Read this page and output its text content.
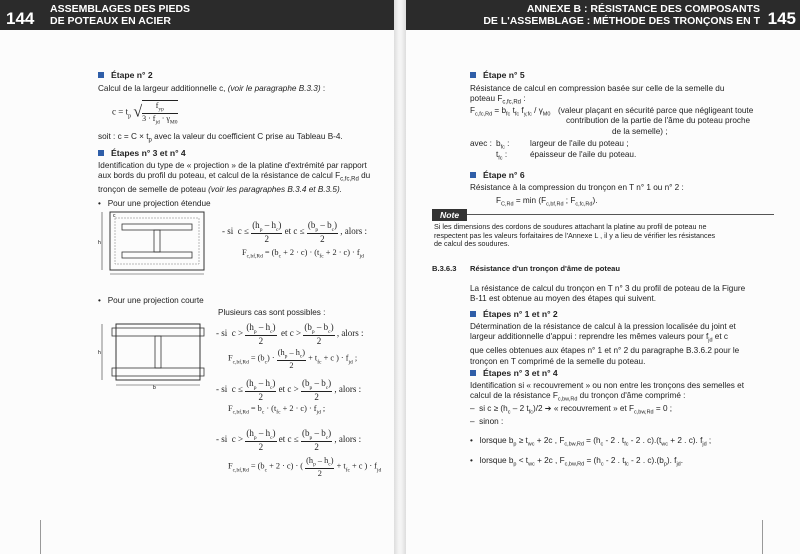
144 ASSEMBLAGES DES PIEDS
DE POTEAUX EN ACIER
Étape n° 2
Calcul de la largeur additionnelle c, (voir le paragraphe B.3.3) :
$c = t_p$ √ $\frac{f_{yp}}{3 \cdot f_{jd} \cdot \gamma_{M0}}$
soit : $c = C \times t_p$ avec la valeur du coefficient C prise au Tableau B-4.
Étapes n° 3 et n° 4
Identification du type de « projection » de la platine d'extrémité par rapport
aux bords du profil du poteau, et calcul de la résistance de calcul $F_{c,fc,Rd}$ du
tronçon de semelle de poteau (voir les paragraphes B.3.4 et B.3.5).
•   Pour une projection étendue
h
c
- si $c \le \frac{(h_p - h_c)}{2}$ et $c \le \frac{(b_p - b_c)}{2}$ , alors :
$F_{c,bf,Rd} = (b_c + 2 \cdot c) \cdot (t_{fc} + 2 \cdot c) \cdot f_{jd}$
•   Pour une projection courte
Plusieurs cas sont possibles :
h
b
- si $c > \frac{(h_p - h_c)}{2}$ et $c > \frac{(b_p - b_c)}{2}$ , alors :
$F_{c,bf,Rd} = (b_c) \cdot \frac{(h_p - h_c)}{2} + t_{fc} + c$ ) · $f_{jd}$ ;
- si $c \le \frac{(h_p - h_c)}{2}$ et $c > \frac{(b_p - b_c)}{2}$ , alors :
$F_{c,bf,Rd} = b_c \cdot (t_{fc} + 2 \cdot c) \cdot f_{jd}$ ;
- si $c > \frac{(h_p - h_c)}{2}$ et $c \le \frac{(b_p - b_c)}{2}$ , alors :
$F_{c,bf,Rd} = (b_c + 2 \cdot c)$ · ( $\frac{(h_p - h_c)}{2} + t_{fc} + c$ ) · $f_{jd}$
ANNEXE B : RÉSISTANCE DES COMPOSANTS
DE L'ASSEMBLAGE : MÉTHODE DES TRONÇONS EN T 145
Étape n° 5
Résistance de calcul en compression basée sur celle de la semelle du
poteau $F_{c,fc,Rd}$ :
$F_{c,fc,Rd} = b_{fc}$ $t_{fc}$ $f_{y,fc} / \gamma_{M0}$ (valeur plaçant en sécurité parce que négligeant toute
contribution de la partie de l'âme du poteau proche
de la semelle) ;
avec : $b_{fc}$ :	largeur de l'aile du poteau ;
$t_{fc}$ :	épaisseur de l'aile du poteau.
Étape n° 6
Résistance à la compression du tronçon en T n° 1 ou n° 2 :
$F_{C,Rd} = \min (F_{c,bf,Rd}$ ; $F_{c,fc,Rd}$).
Note
Si les dimensions des cordons de soudures attachant la platine au profil de poteau ne
respectent pas les valeurs forfaitaires de l'Annexe L , il y a lieu de vérifier les résistances
de calcul des soudures.
B.3.6.3 Résistance d'un tronçon d'âme de poteau
La résistance de calcul du tronçon en T n° 3 du profil de poteau de la Figure
B-11 est obtenue au moyen des étapes qui suivent.
Étapes n° 1 et n° 2
Détermination de la résistance de calcul à la pression localisée du joint et
largeur additionnelle d'appui : reprendre les mêmes valeurs pour $f_{jd}$ et c
que celles obtenues aux étapes n° 1 et n° 2 du paragraphe B.3.6.2 pour le
tronçon en T comprimé de la semelle du poteau.
Étapes n° 3 et n° 4
Identification si « recouvrement » ou non entre les tronçons des semelles et
calcul de la résistance $F_{c,bw,Rd}$ du tronçon d'âme comprimé :
–  si $c \ge (h_c - 2$ $t_{fc})/2$ ➔ « recouvrement » et $F_{c,bw,Rd} = 0$ ;
–  sinon :
•   lorsque $b_p \ge t_{wc} + 2c$ , $F_{c,bw,Rd} = (h_c - 2$ . $t_{fc} - 2$ . $c).(t_{wc} + 2$ . c). $f_{jd}$ ;
•   lorsque $b_p < t_{wc} + 2c$ , $F_{c,bw,Rd} = (h_c - 2$ . $t_{fc} - 2$ . $c).(b_p)$. $f_{jd}$.
